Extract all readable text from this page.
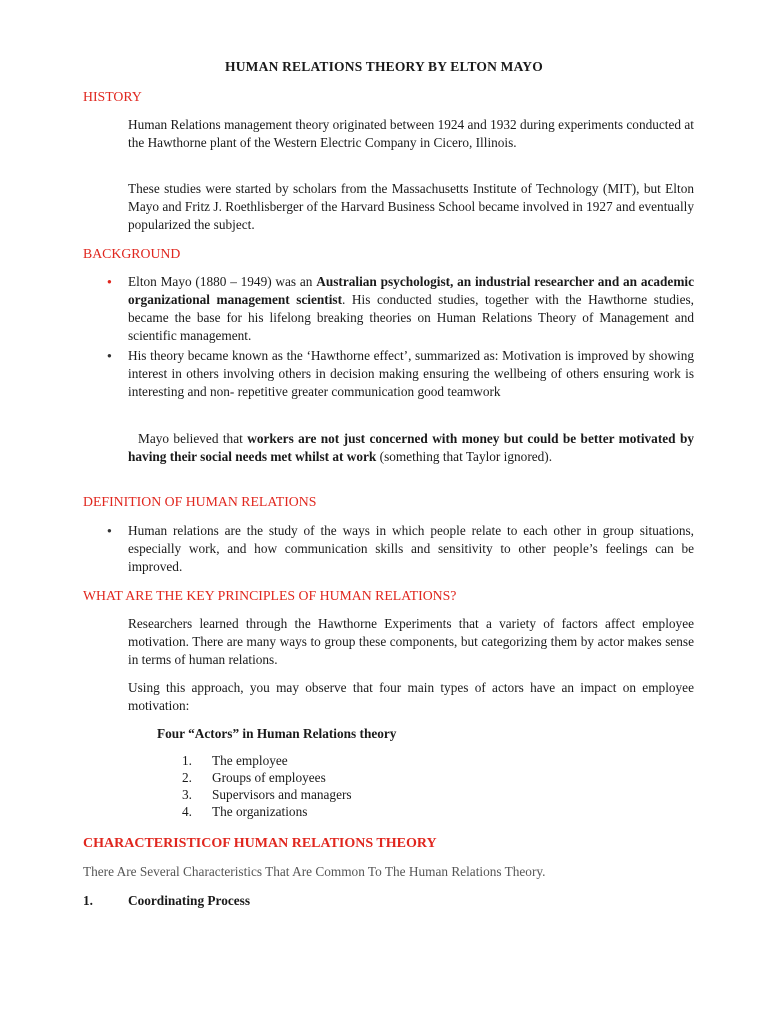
HUMAN RELATIONS THEORY BY ELTON MAYO
HISTORY
Human Relations management theory originated between 1924 and 1932 during experiments conducted at the Hawthorne plant of the Western Electric Company in Cicero, Illinois.
These studies were started by scholars from the Massachusetts Institute of Technology (MIT), but Elton Mayo and Fritz J. Roethlisberger of the Harvard Business School became involved in 1927 and eventually popularized the subject.
BACKGROUND
● Elton Mayo (1880 – 1949) was an Australian psychologist, an industrial researcher and an academic organizational management scientist. His conducted studies, together with the Hawthorne studies, became the base for his lifelong breaking theories on Human Relations Theory of Management and scientific management.
● His theory became known as the ‘Hawthorne effect’, summarized as: Motivation is improved by showing interest in others involving others in decision making ensuring the wellbeing of others ensuring work is interesting and non- repetitive greater communication good teamwork
Mayo believed that workers are not just concerned with money but could be better motivated by having their social needs met whilst at work (something that Taylor ignored).
DEFINITION OF HUMAN RELATIONS
● Human relations are the study of the ways in which people relate to each other in group situations, especially work, and how communication skills and sensitivity to other people’s feelings can be improved.
WHAT ARE THE KEY PRINCIPLES OF HUMAN RELATIONS?
Researchers learned through the Hawthorne Experiments that a variety of factors affect employee motivation. There are many ways to group these components, but categorizing them by actor makes sense in terms of human relations.
Using this approach, you may observe that four main types of actors have an impact on employee motivation:
Four “Actors” in Human Relations theory
1.	The employee
2.	Groups of employees
3.	Supervisors and managers
4.	The organizations
CHARACTERISTICOF HUMAN RELATIONS THEORY
There Are Several Characteristics That Are Common To The Human Relations Theory.
1.	Coordinating Process
